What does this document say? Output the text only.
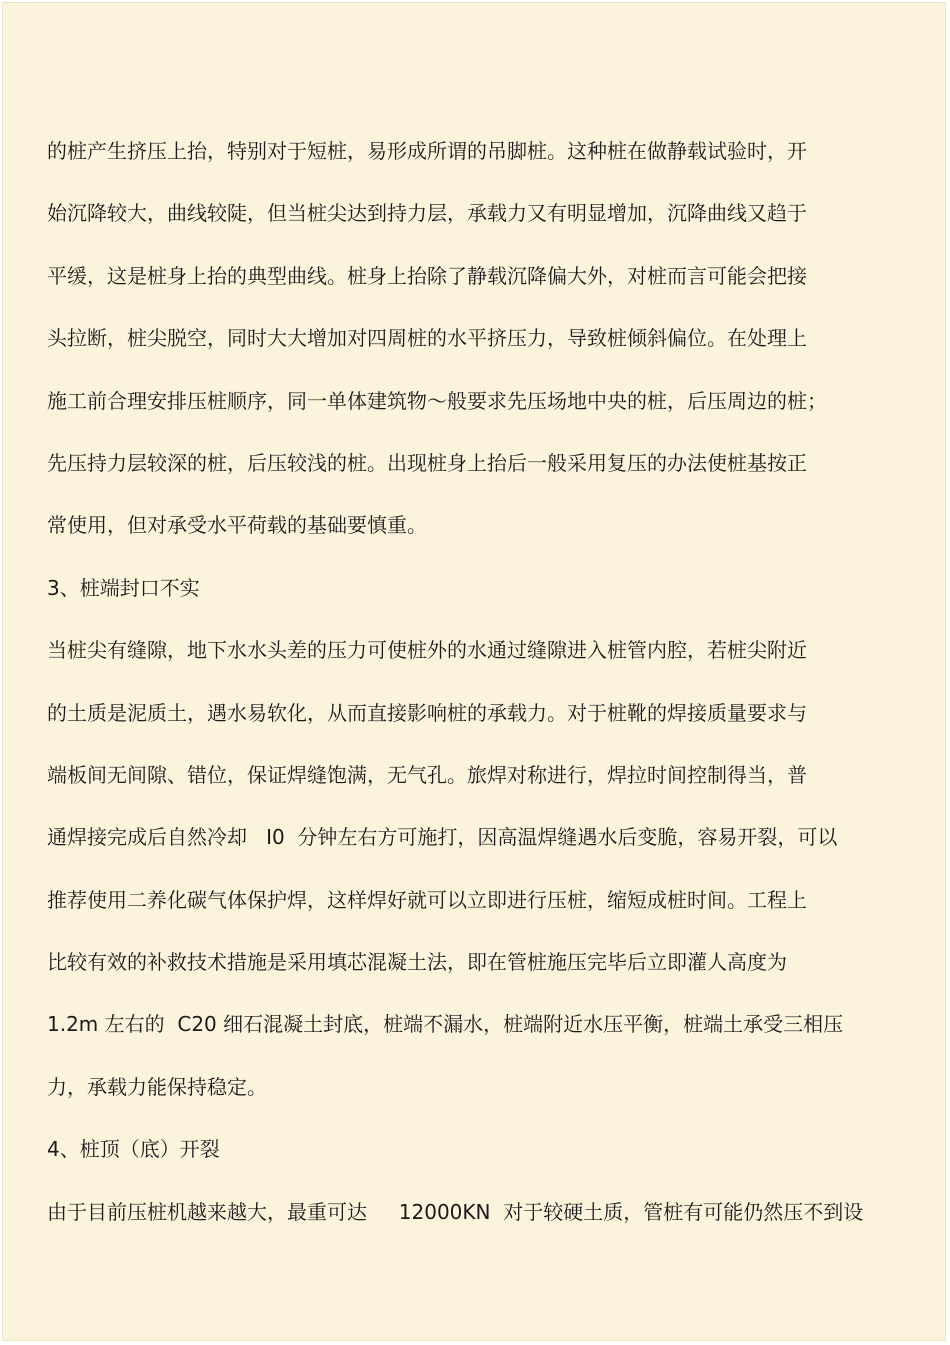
的桩产生挤压上抬，特别对于短桩，易形成所谓的吊脚桩。这种桩在做静载试验时，开

始沉降较大，曲线较陡，但当桩尖达到持力层，承载力又有明显增加，沉降曲线又趋于

平缓，这是桩身上抬的典型曲线。桩身上抬除了静载沉降偏大外，对桩而言可能会把接

头拉断，桩尖脱空，同时大大增加对四周桩的水平挤压力，导致桩倾斜偏位。在处理上

施工前合理安排压桩顺序，同一单体建筑物～般要求先压场地中央的桩，后压周边的桩；

先压持力层较深的桩，后压较浅的桩。出现桩身上抬后一般采用复压的办法使桩基按正

常使用，但对承受水平荷载的基础要慎重。

3、桩端封口不实

当桩尖有缝隙，地下水水头差的压力可使桩外的水通过缝隙进入桩管内腔，若桩尖附近

的土质是泥质土，遇水易软化，从而直接影响桩的承载力。对于桩靴的焊接质量要求与

端板间无间隙、错位，保证焊缝饱满，无气孔。旅焊对称进行，焊拉时间控制得当，普

通焊接完成后自然冷却   I0  分钟左右方可施打，因高温焊缝遇水后变脆，容易开裂，可以

推荐使用二养化碳气体保护焊，这样焊好就可以立即进行压桩，缩短成桩时间。工程上

比较有效的补救技术措施是采用填芯混凝土法，即在管桩施压完毕后立即灌人高度为

1.2m 左右的  C20 细石混凝土封底，桩端不漏水，桩端附近水压平衡，桩端土承受三相压

力，承载力能保持稳定。

4、桩顶（底）开裂

由于目前压桩机越来越大，最重可达     12000KN  对于较硬土质，管桩有可能仍然压不到设
